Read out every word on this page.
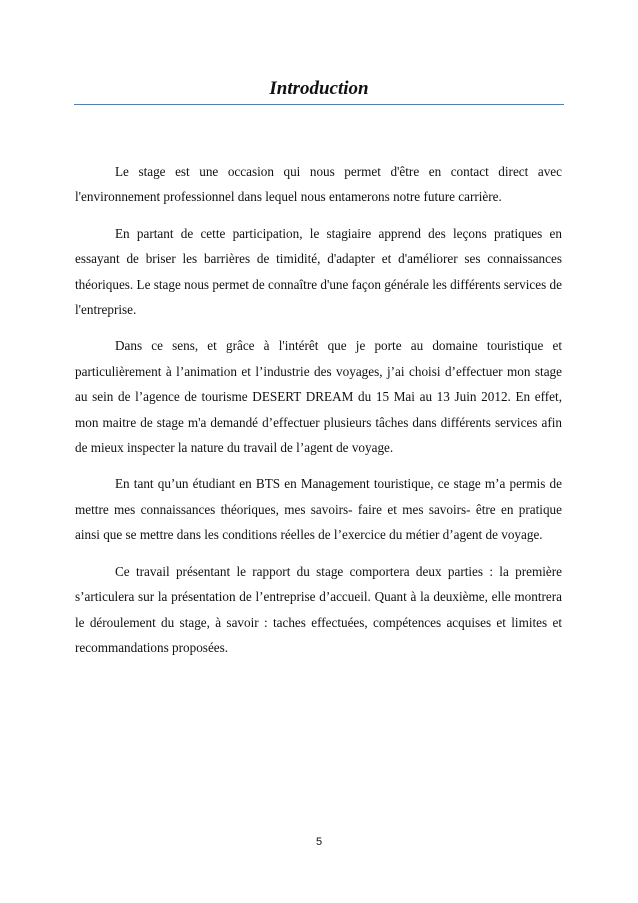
Introduction

Le stage est une occasion qui nous permet d'être en contact direct avec l'environnement professionnel dans lequel nous entamerons notre future carrière.

En partant de cette participation, le stagiaire apprend des leçons pratiques en essayant de briser les barrières de timidité, d'adapter et d'améliorer ses connaissances théoriques. Le stage nous permet de connaître d'une façon générale les différents services de l'entreprise.

Dans ce sens, et grâce à l'intérêt que je porte au domaine touristique et particulièrement à l’animation et l’industrie des voyages, j’ai choisi d’effectuer mon stage au sein de l’agence de tourisme DESERT DREAM du 15 Mai au 13 Juin 2012. En effet, mon maitre de stage m'a demandé d’effectuer plusieurs tâches dans différents services afin de mieux inspecter la nature du travail de l’agent de voyage.

En tant qu’un étudiant en BTS en Management touristique, ce stage m’a permis de mettre mes connaissances théoriques, mes savoirs- faire et mes savoirs- être en pratique ainsi que se mettre dans les conditions réelles de l’exercice du métier d’agent de voyage.

Ce travail présentant le rapport du stage comportera deux parties : la première s’articulera sur la présentation de l’entreprise d’accueil. Quant à la deuxième, elle montrera le déroulement du stage, à savoir : taches effectuées, compétences acquises et limites et recommandations proposées.

5
